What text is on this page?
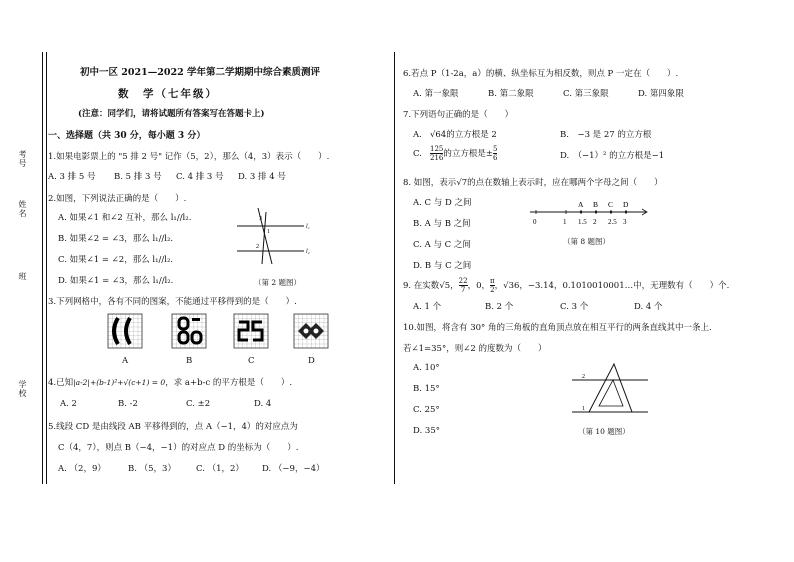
考号
姓名
班
学校
初中一区 2021—2022 学年第二学期期中综合素质测评
数　学（七年级）
(注意：同学们，请将试题所有答案写在答题卡上)
一、选择题（共 30 分，每小题 3 分）
1.如果电影票上的 "5 排 2 号" 记作（5，2），那么（4，3）表示（　　）.
A. 3 排 5 号 B. 5 排 3 号 C. 4 排 3 号 D. 3 排 4 号
2.如图，下列说法正确的是（　　）.
A. 如果∠1 和∠2 互补，那么 l₁//l₂.
B. 如果∠2 = ∠3，那么 l₁//l₂.
C. 如果∠1 = ∠2，那么 l₁//l₂.
D. 如果∠1 = ∠3，那么 l₁//l₂.
3
1
2
l₁
l₂
（第 2 题图）
3.下列网格中，各有不同的图案，不能通过平移得到的是（　　）.
A	B	C	D
4.已知|a-2|+(b-1)²+√(c+1) = 0，求 a+b-c 的平方根是（　　）.
A. 2	B. -2	C. ±2	D. 4
5.线段 CD 是由线段 AB 平移得到的，点 A（−1，4）的对应点为
C（4，7），则点 B（−4，−1）的对应点 D 的坐标为（　　）.
A. （2，9）	B. （5，3） C. （1，2） D. （−9，−4）
6.若点 P（1-2a，a）的横、纵坐标互为相反数，则点 P 一定在（　　）.
A. 第一象限	B. 第二象限	C. 第三象限	D. 第四象限
7.下列语句正确的是（　　）
A. √64的立方根是 2	B.　−3 是 27 的立方根
C. $\frac{125}{216}$ 的立方根是± $\frac{5}{6}$	D.　（−1）² 的立方根是−1
8. 如图，表示√7的点在数轴上表示时，应在哪两个字母之间（　　）
A. C 与 D 之间
B. A 与 B 之间
C. A 与 C 之间
D. B 与 C 之间
0	1 1.5 2 2.5 3
A B C D
（第 8 题图）
9. 在实数√5， $\frac{22}{7}$ ，0， $\frac{\pi}{2}$ ，√36，−3.14，0.1010010001…中，无理数有（　　）个.
A. 1 个	B. 2 个	C. 3 个	D. 4 个
10.如图，将含有 30° 角的三角板的直角顶点放在相互平行的两条直线其中一条上.
若∠1=35°，则∠2 的度数为（　　）
A. 10°
B. 15°
C. 25°
D. 35°
2
1
（第 10 题图）
